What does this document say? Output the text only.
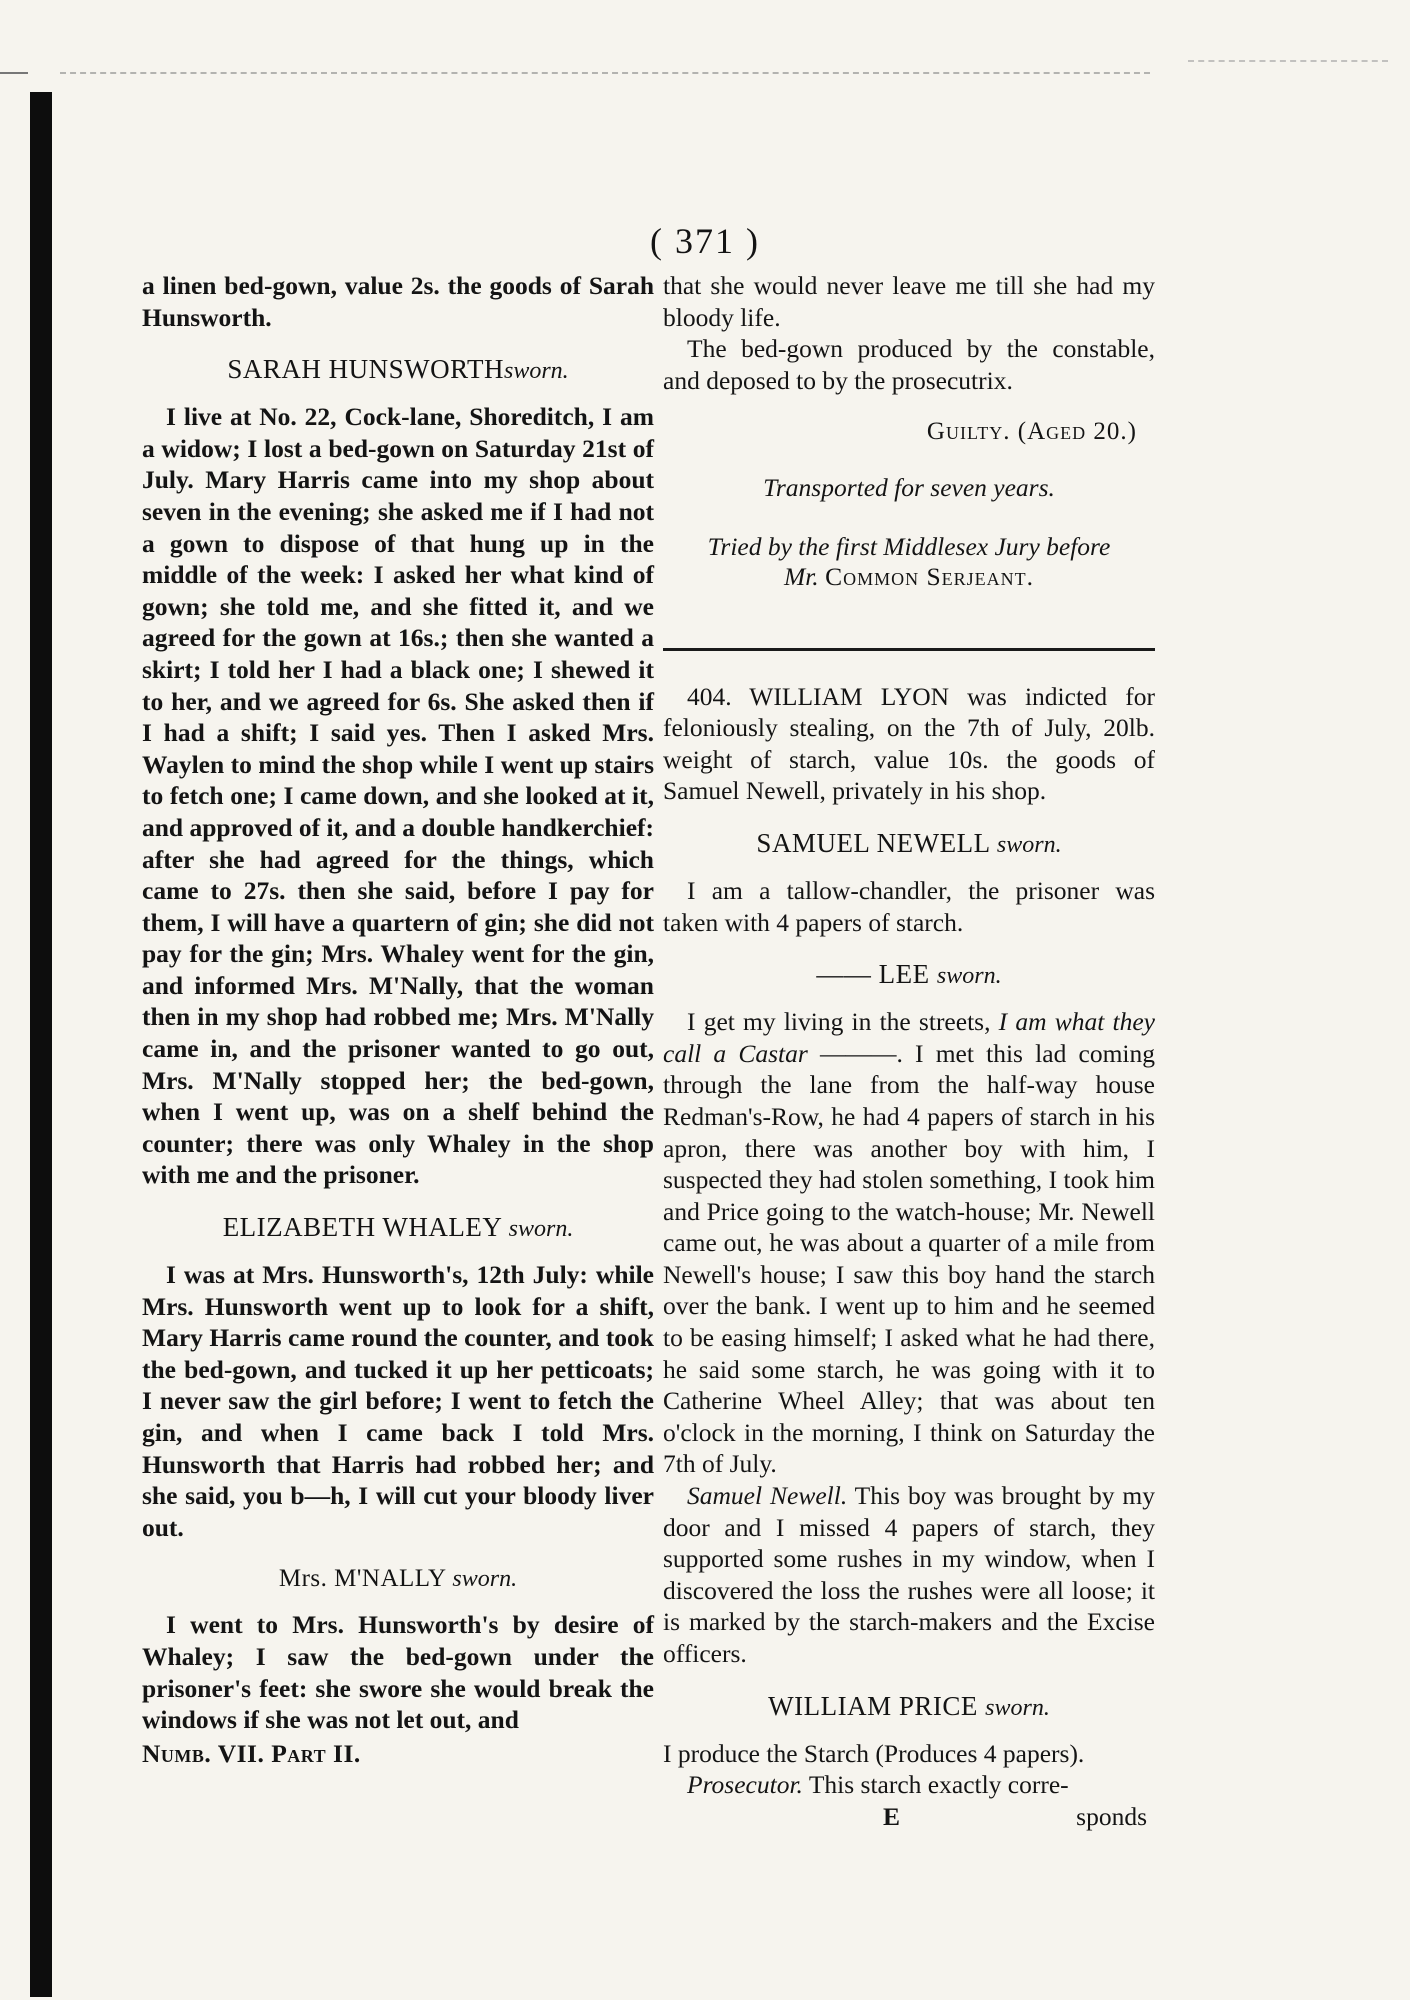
( 371 )

a linen bed-gown, value 2s. the goods of Sarah Hunsworth.

SARAH HUNSWORTHsworn.

I live at No. 22, Cock-lane, Shoreditch, I am a widow; I lost a bed-gown on Saturday 21st of July. Mary Harris came into my shop about seven in the evening; she asked me if I had not a gown to dispose of that hung up in the middle of the week: I asked her what kind of gown; she told me, and she fitted it, and we agreed for the gown at 16s.; then she wanted a skirt; I told her I had a black one; I shewed it to her, and we agreed for 6s. She asked then if I had a shift; I said yes. Then I asked Mrs. Waylen to mind the shop while I went up stairs to fetch one; I came down, and she looked at it, and approved of it, and a double handkerchief: after she had agreed for the things, which came to 27s. then she said, before I pay for them, I will have a quartern of gin; she did not pay for the gin; Mrs. Whaley went for the gin, and informed Mrs. M'Nally, that the woman then in my shop had robbed me; Mrs. M'Nally came in, and the prisoner wanted to go out, Mrs. M'Nally stopped her; the bed-gown, when I went up, was on a shelf behind the counter; there was only Whaley in the shop with me and the prisoner.

ELIZABETH WHALEY sworn.

I was at Mrs. Hunsworth's, 12th July: while Mrs. Hunsworth went up to look for a shift, Mary Harris came round the counter, and took the bed-gown, and tucked it up her petticoats; I never saw the girl before; I went to fetch the gin, and when I came back I told Mrs. Hunsworth that Harris had robbed her; and she said, you b—h, I will cut your bloody liver out.

Mrs. M'NALLY sworn.

I went to Mrs. Hunsworth's by desire of Whaley; I saw the bed-gown under the prisoner's feet: she swore she would break the windows if she was not let out, and

Numb. VII. Part II.

that she would never leave me till she had my bloody life.

The bed-gown produced by the constable, and deposed to by the prosecutrix.

Guilty. (Aged 20.)

Transported for seven years.

Tried by the first Middlesex Jury before

Mr. Common Serjeant.

404. WILLIAM LYON was indicted for feloniously stealing, on the 7th of July, 20lb. weight of starch, value 10s. the goods of Samuel Newell, privately in his shop.

SAMUEL NEWELL sworn.

I am a tallow-chandler, the prisoner was taken with 4 papers of starch.

—— LEE sworn.

I get my living in the streets, I am what they call a Castar ———. I met this lad coming through the lane from the half-way house Redman's-Row, he had 4 papers of starch in his apron, there was another boy with him, I suspected they had stolen something, I took him and Price going to the watch-house; Mr. Newell came out, he was about a quarter of a mile from Newell's house; I saw this boy hand the starch over the bank. I went up to him and he seemed to be easing himself; I asked what he had there, he said some starch, he was going with it to Catherine Wheel Alley; that was about ten o'clock in the morning, I think on Saturday the 7th of July.

Samuel Newell. This boy was brought by my door and I missed 4 papers of starch, they supported some rushes in my window, when I discovered the loss the rushes were all loose; it is marked by the starch-makers and the Excise officers.

WILLIAM PRICE sworn.

I produce the Starch (Produces 4 papers).

Prosecutor. This starch exactly corre-

E	sponds
